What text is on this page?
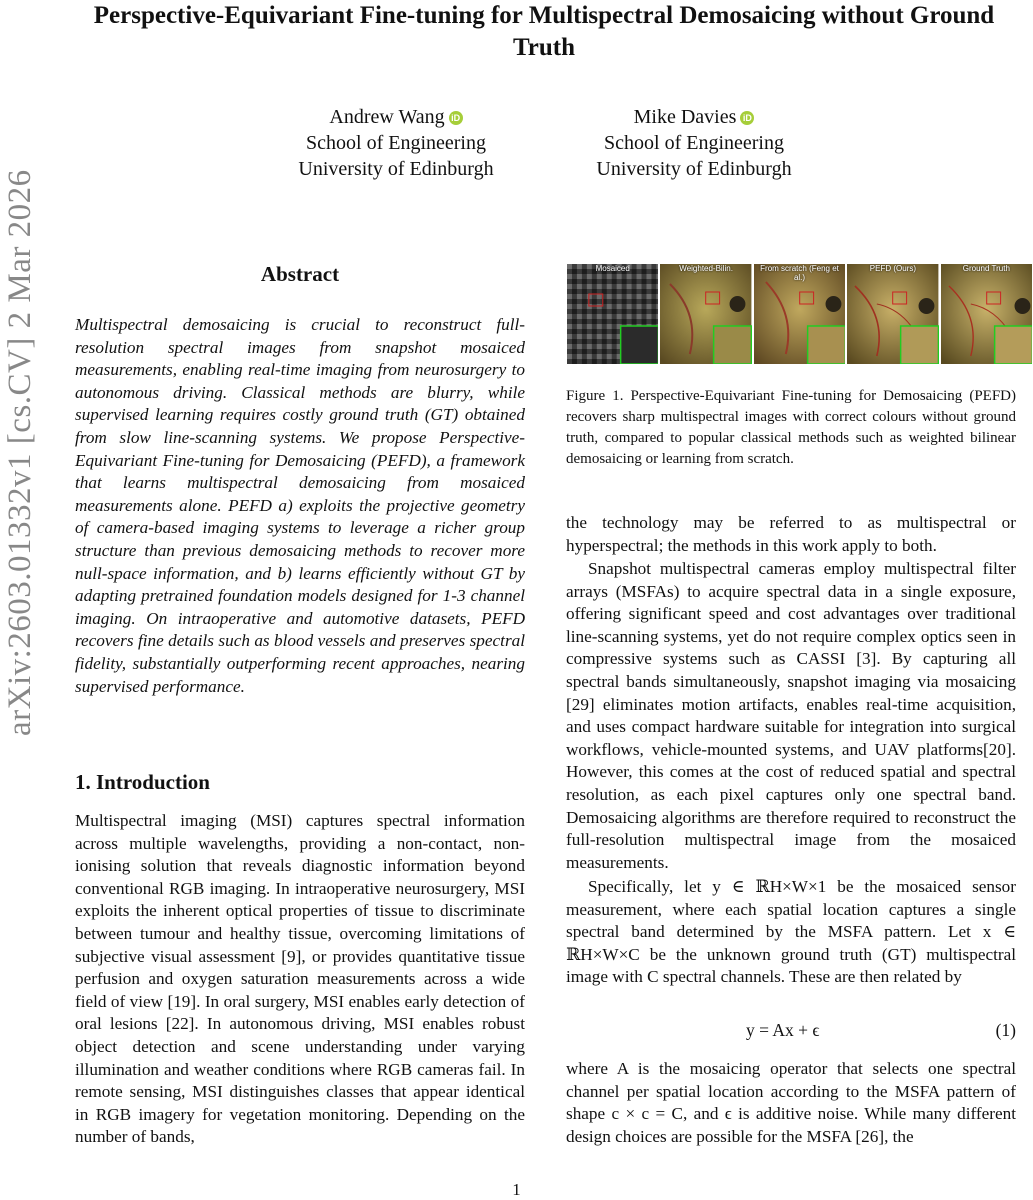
Perspective-Equivariant Fine-tuning for Multispectral Demosaicing without Ground Truth
Andrew Wang iD
School of Engineering
University of Edinburgh
Mike Davies iD
School of Engineering
University of Edinburgh
arXiv:2603.01332v1 [cs.CV] 2 Mar 2026	Abstract
Multispectral demosaicing is crucial to reconstruct full-resolution spectral images from snapshot mosaiced measurements, enabling real-time imaging from neurosurgery to autonomous driving. Classical methods are blurry, while supervised learning requires costly ground truth (GT) obtained from slow line-scanning systems. We propose Perspective-Equivariant Fine-tuning for Demosaicing (PEFD), a framework that learns multispectral demosaicing from mosaiced measurements alone. PEFD a) exploits the projective geometry of camera-based imaging systems to leverage a richer group structure than previous demosaicing methods to recover more null-space information, and b) learns efficiently without GT by adapting pretrained foundation models designed for 1-3 channel imaging. On intraoperative and automotive datasets, PEFD recovers fine details such as blood vessels and preserves spectral fidelity, substantially outperforming recent approaches, nearing supervised performance.
1. Introduction
Multispectral imaging (MSI) captures spectral information across multiple wavelengths, providing a non-contact, non-ionising solution that reveals diagnostic information beyond conventional RGB imaging. In intraoperative neurosurgery, MSI exploits the inherent optical properties of tissue to discriminate between tumour and healthy tissue, overcoming limitations of subjective visual assessment [9], or provides quantitative tissue perfusion and oxygen saturation measurements across a wide field of view [19]. In oral surgery, MSI enables early detection of oral lesions [22]. In autonomous driving, MSI enables robust object detection and scene understanding under varying illumination and weather conditions where RGB cameras fail. In remote sensing, MSI distinguishes classes that appear identical in RGB imagery for vegetation monitoring. Depending on the number of bands,
Mosaiced	Weighted-Bilin.	From scratch (Feng et al.)
PEFD (Ours)	Ground Truth
Figure 1. Perspective-Equivariant Fine-tuning for Demosaicing (PEFD) recovers sharp multispectral images with correct colours without ground truth, compared to popular classical methods such as weighted bilinear demosaicing or learning from scratch.
the technology may be referred to as multispectral or hyperspectral; the methods in this work apply to both.
Snapshot multispectral cameras employ multispectral filter arrays (MSFAs) to acquire spectral data in a single exposure, offering significant speed and cost advantages over traditional line-scanning systems, yet do not require complex optics seen in compressive systems such as CASSI [3]. By capturing all spectral bands simultaneously, snapshot imaging via mosaicing [29] eliminates motion artifacts, enables real-time acquisition, and uses compact hardware suitable for integration into surgical workflows, vehicle-mounted systems, and UAV platforms[20]. However, this comes at the cost of reduced spatial and spectral resolution, as each pixel captures only one spectral band. Demosaicing algorithms are therefore required to reconstruct the full-resolution multispectral image from the mosaiced measurements.
Specifically, let y ∈ ℝH×W×1 be the mosaiced sensor measurement, where each spatial location captures a single spectral band determined by the MSFA pattern. Let x ∈ ℝH×W×C be the unknown ground truth (GT) multispectral image with C spectral channels. These are then related by
y = Ax + ϵ	(1)
where A is the mosaicing operator that selects one spectral channel per spatial location according to the MSFA pattern of shape c × c = C, and ϵ is additive noise. While many different design choices are possible for the MSFA [26], the
1
